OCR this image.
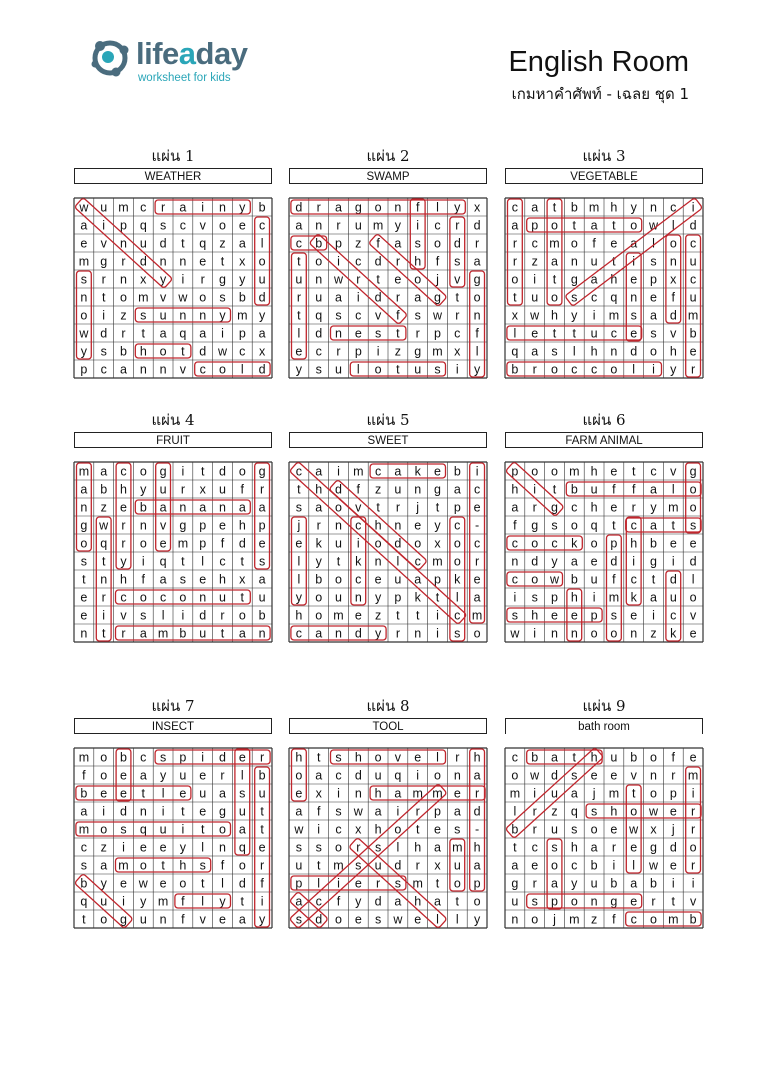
lifeaday
worksheet for kids	English Room
เกมหาคำศัพท์ - เฉลย ชุด 1
แผ่น 1
WEATHER
w u m c r a i n y b
a i p q s c v o e c
e v n u d t q z a l
m g r d n n e t x o
s r n x y i r g y u
n t o m v w o s b d
o i z s u n n y m y
w d r t a q a i p a
y s b h o t d w c x
p c a n n v c o l d
แผ่น 2
SWAMP
d r a g o n f l y x
a n r u m y i c r d
c b p z f a s o d r
t o i c d r h f s a
u n w r t e o j v g
r u a i d r a g t o
t q s c v f s w r n
l d n e s t r p c f
e c r p i z g m x l
y s u l o t u s i y
แผ่น 3
VEGETABLE
c a t b m h y n c i
a p o t a t o w l d
r c m o f e a l o c
r z a n u t i s n u
o i t g a h e p x c
t u o s c q n e f u
x w h y i m s a d m
l e t t u c e s v b
q a s l h n d o h e
b r o c c o l i y r
แผ่น 4
FRUIT
m a c o g i t d o g
a b h y u r x u f r
n z e b a n a n a a
g w r n v g p e h p
o q r o e m p f d e
s t y i q t l c t s
t n h f a s e h x a
e r c o c o n u t u
e i v s l i d r o b
n t r a m b u t a n
แผ่น 5
SWEET
c a i m c a k e b i
t h d f z u n g a c
s a o v t r j t p e
j r n c h n e y c -
e k u i o d o x o c
l y t k n l c m o r
l b o c e u a p k e
y o u n y p k t l a
h o m e z t t i c m
c a n d y r n i s o
แผ่น 6
FARM ANIMAL
p o o m h e t c v g
h i t b u f f a l o
a r g c h e r y m o
f g s o q t c a t s
c o c k o p h b e e
n d y a e d i g i d
c o w b u f c t d l
i s p h i m k a u o
s h e e p s e i c v
w i n n o o n z k e
แผ่น 7
INSECT
m o b c s p i d e r
f o e a y u e r l b
b e e t l e u a s u
a i d n i t e g u t
m o s q u i t o a t
c z i e e y l n q e
s a m o t h s f o r
b y e w e o t l d f
q u i y m f l y t i
t o g u n f v e a y
แผ่น 8
TOOL
h t s h o v e l r h
o a c d u q i o n a
e x i n h a m m e r
a f s w a i r p a d
w i c x h o t e s -
s s o r s l h a m h
u t m s u d r x u a
p l i e r s m t o p
a c f y d a h a t o
s d o e s w e l l y
แผ่น 9
bath room
c b a t h u b o f e
o w d s e e v n r m
m i u a j m t o p i
l r z q s h o w e r
b r u s o e w x j r
t c s h a r e g d o
a e o c b i l w e r
g r a y u b a b i i
u s p o n g e r t v
n o j m z f c o m b
